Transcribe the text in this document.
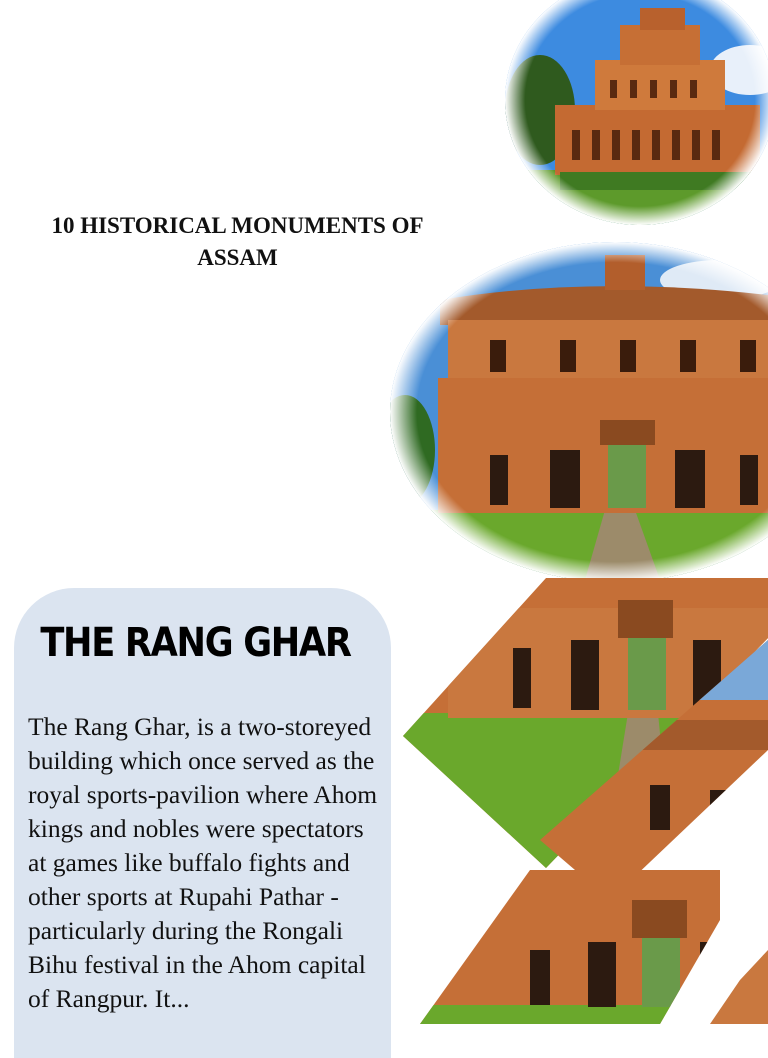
10 HISTORICAL MONUMENTS OF ASSAM
THE RANG GHAR
The Rang Ghar, is a two-storeyed building which once served as the royal sports-pavilion where Ahom kings and nobles were spectators at games like buffalo fights and other sports at Rupahi Pathar - particularly during the Rongali Bihu festival in the Ahom capital of Rangpur. It...
